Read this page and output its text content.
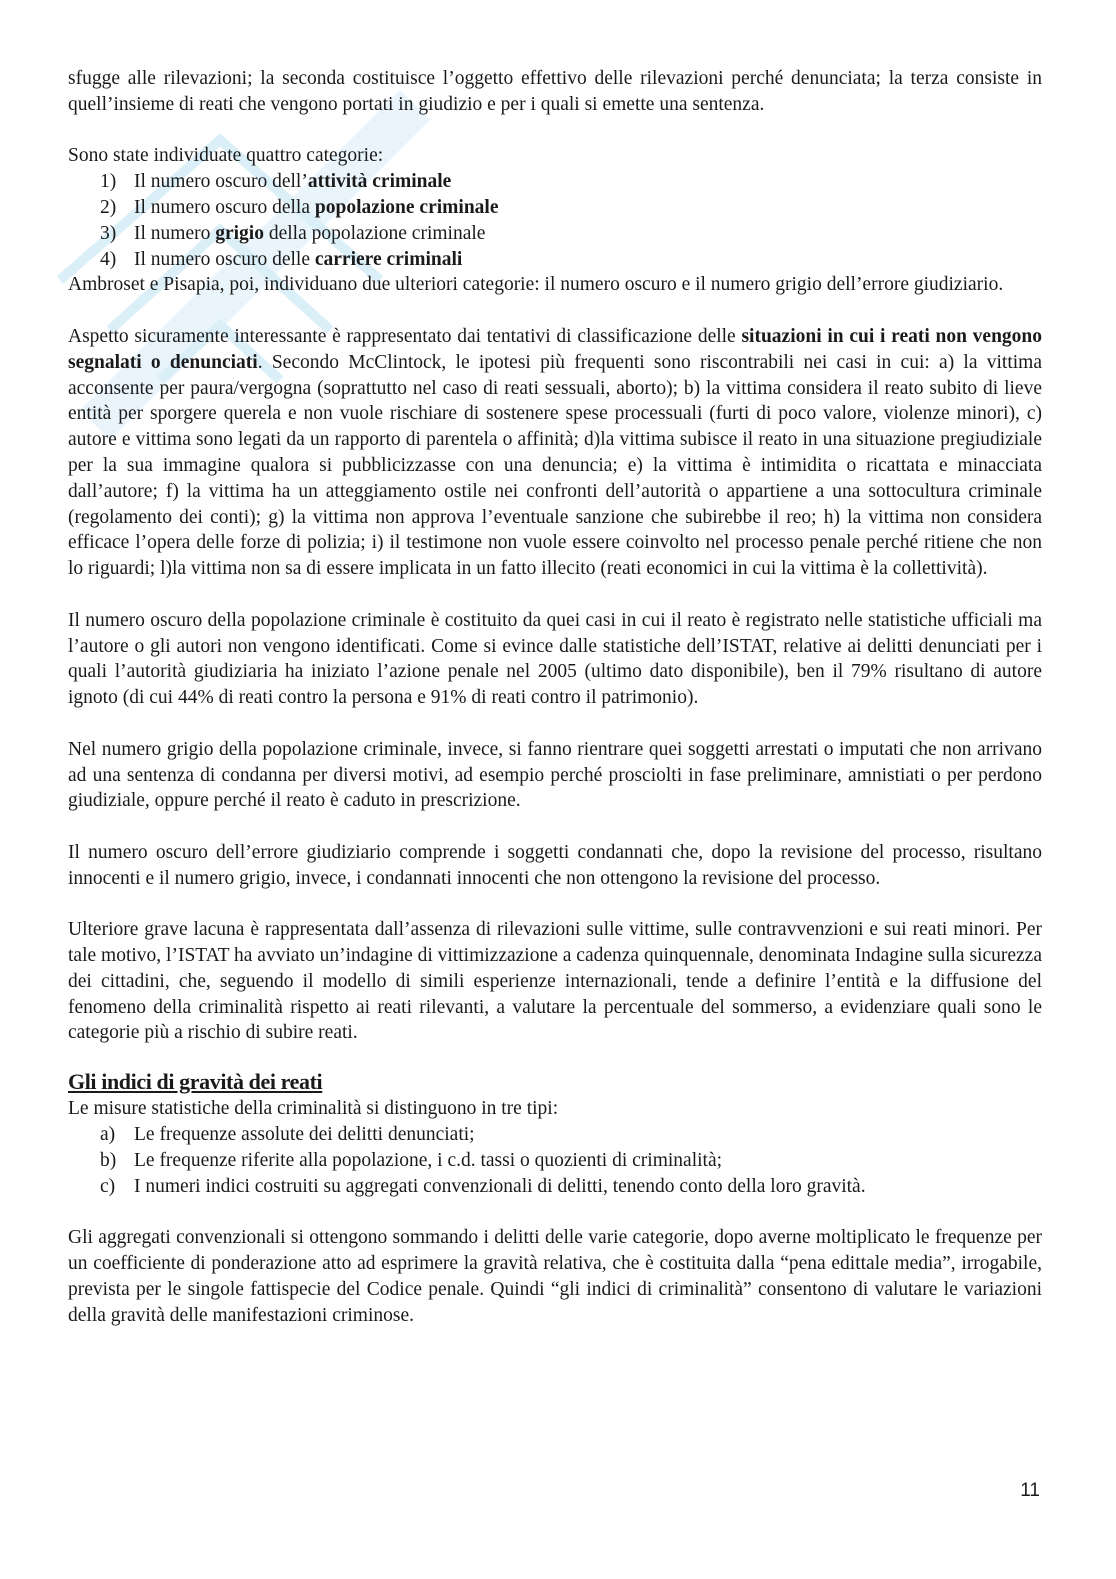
sfugge alle rilevazioni; la seconda costituisce l’oggetto effettivo delle rilevazioni perché denunciata; la terza consiste in quell’insieme di reati che vengono portati in giudizio e per i quali si emette una sentenza.

Sono state individuate quattro categorie:

1) Il numero oscuro dell’attività criminale
2) Il numero oscuro della popolazione criminale
3) Il numero grigio della popolazione criminale
4) Il numero oscuro delle carriere criminali

Ambroset e Pisapia, poi, individuano due ulteriori categorie: il numero oscuro e il numero grigio dell’errore giudiziario.

Aspetto sicuramente interessante è rappresentato dai tentativi di classificazione delle situazioni in cui i reati non vengono segnalati o denunciati. Secondo McClintock, le ipotesi più frequenti sono riscontrabili nei casi in cui: a) la vittima acconsente per paura/vergogna (soprattutto nel caso di reati sessuali, aborto); b) la vittima considera il reato subito di lieve entità per sporgere querela e non vuole rischiare di sostenere spese processuali (furti di poco valore, violenze minori), c) autore e vittima sono legati da un rapporto di parentela o affinità; d)la vittima subisce il reato in una situazione pregiudiziale per la sua immagine qualora si pubblicizzasse con una denuncia; e) la vittima è intimidita o ricattata e minacciata dall’autore; f) la vittima ha un atteggiamento ostile nei confronti dell’autorità o appartiene a una sottocultura criminale (regolamento dei conti); g) la vittima non approva l’eventuale sanzione che subirebbe il reo; h) la vittima non considera efficace l’opera delle forze di polizia; i) il testimone non vuole essere coinvolto nel processo penale perché ritiene che non lo riguardi; l)la vittima non sa di essere implicata in un fatto illecito (reati economici in cui la vittima è la collettività).

Il numero oscuro della popolazione criminale è costituito da quei casi in cui il reato è registrato nelle statistiche ufficiali ma l’autore o gli autori non vengono identificati. Come si evince dalle statistiche dell’ISTAT, relative ai delitti denunciati per i quali l’autorità giudiziaria ha iniziato l’azione penale nel 2005 (ultimo dato disponibile), ben il 79% risultano di autore ignoto (di cui 44% di reati contro la persona e 91% di reati contro il patrimonio).

Nel numero grigio della popolazione criminale, invece, si fanno rientrare quei soggetti arrestati o imputati che non arrivano ad una sentenza di condanna per diversi motivi, ad esempio perché prosciolti in fase preliminare, amnistiati o per perdono giudiziale, oppure perché il reato è caduto in prescrizione.

Il numero oscuro dell’errore giudiziario comprende i soggetti condannati che, dopo la revisione del processo, risultano innocenti e il numero grigio, invece, i condannati innocenti che non ottengono la revisione del processo.

Ulteriore grave lacuna è rappresentata dall’assenza di rilevazioni sulle vittime, sulle contravvenzioni e sui reati minori. Per tale motivo, l’ISTAT ha avviato un’indagine di vittimizzazione a cadenza quinquennale, denominata Indagine sulla sicurezza dei cittadini, che, seguendo il modello di simili esperienze internazionali, tende a definire l’entità e la diffusione del fenomeno della criminalità rispetto ai reati rilevanti, a valutare la percentuale del sommerso, a evidenziare quali sono le categorie più a rischio di subire reati.

Gli indici di gravità dei reati

Le misure statistiche della criminalità si distinguono in tre tipi:

a) Le frequenze assolute dei delitti denunciati;
b) Le frequenze riferite alla popolazione, i c.d. tassi o quozienti di criminalità;
c) I numeri indici costruiti su aggregati convenzionali di delitti, tenendo conto della loro gravità.

Gli aggregati convenzionali si ottengono sommando i delitti delle varie categorie, dopo averne moltiplicato le frequenze per un coefficiente di ponderazione atto ad esprimere la gravità relativa, che è costituita dalla “pena edittale media”, irrogabile, prevista per le singole fattispecie del Codice penale. Quindi “gli indici di criminalità” consentono di valutare le variazioni della gravità delle manifestazioni criminose.

11
